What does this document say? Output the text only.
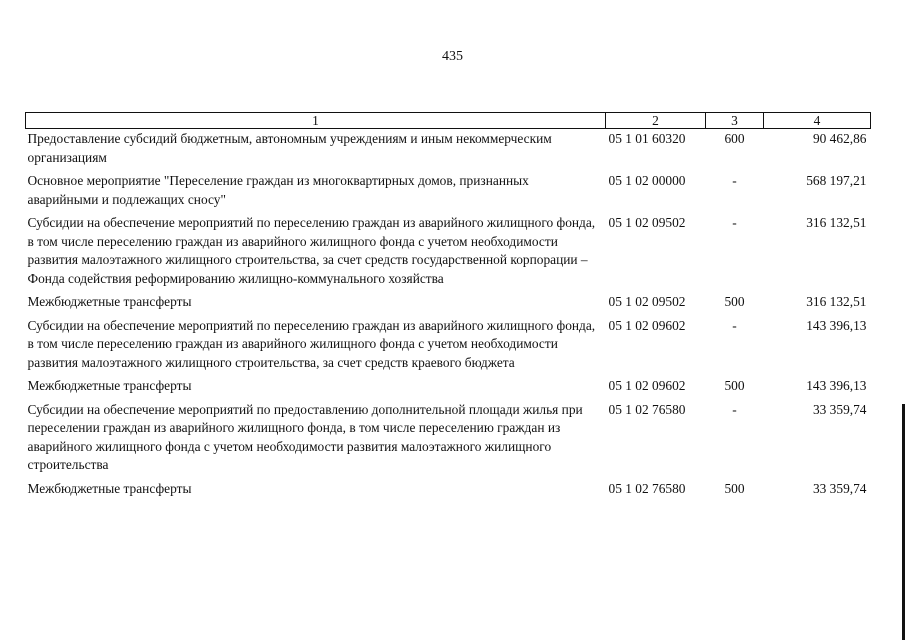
435
1	2	3	4
Предоставление субсидий бюджетным, автономным учреждениям и иным некоммерческим организациям	05 1 01 60320	600	90 462,86
Основное мероприятие "Переселение граждан из многоквартирных домов, признанных аварийными и подлежащих сносу"	05 1 02 00000	-	568 197,21
Субсидии на обеспечение мероприятий по переселению граждан из аварийного жилищного фонда, в том числе переселению граждан из аварийного жилищного фонда с учетом необходимости развития малоэтажного жилищного строительства, за счет средств государственной корпорации – Фонда содействия реформированию жилищно-коммунального хозяйства	05 1 02 09502	-	316 132,51
Межбюджетные трансферты	05 1 02 09502	500	316 132,51
Субсидии на обеспечение мероприятий по переселению граждан из аварийного жилищного фонда, в том числе переселению граждан из аварийного жилищного фонда с учетом необходимости развития малоэтажного жилищного строительства, за счет средств краевого бюджета	05 1 02 09602	-	143 396,13
Межбюджетные трансферты	05 1 02 09602	500	143 396,13
Субсидии на обеспечение мероприятий по предоставлению дополнительной площади жилья при переселении граждан из аварийного жилищного фонда, в том числе переселению граждан из аварийного жилищного фонда с учетом необходимости развития малоэтажного жилищного строительства	05 1 02 76580	-	33 359,74
Межбюджетные трансферты	05 1 02 76580	500	33 359,74
